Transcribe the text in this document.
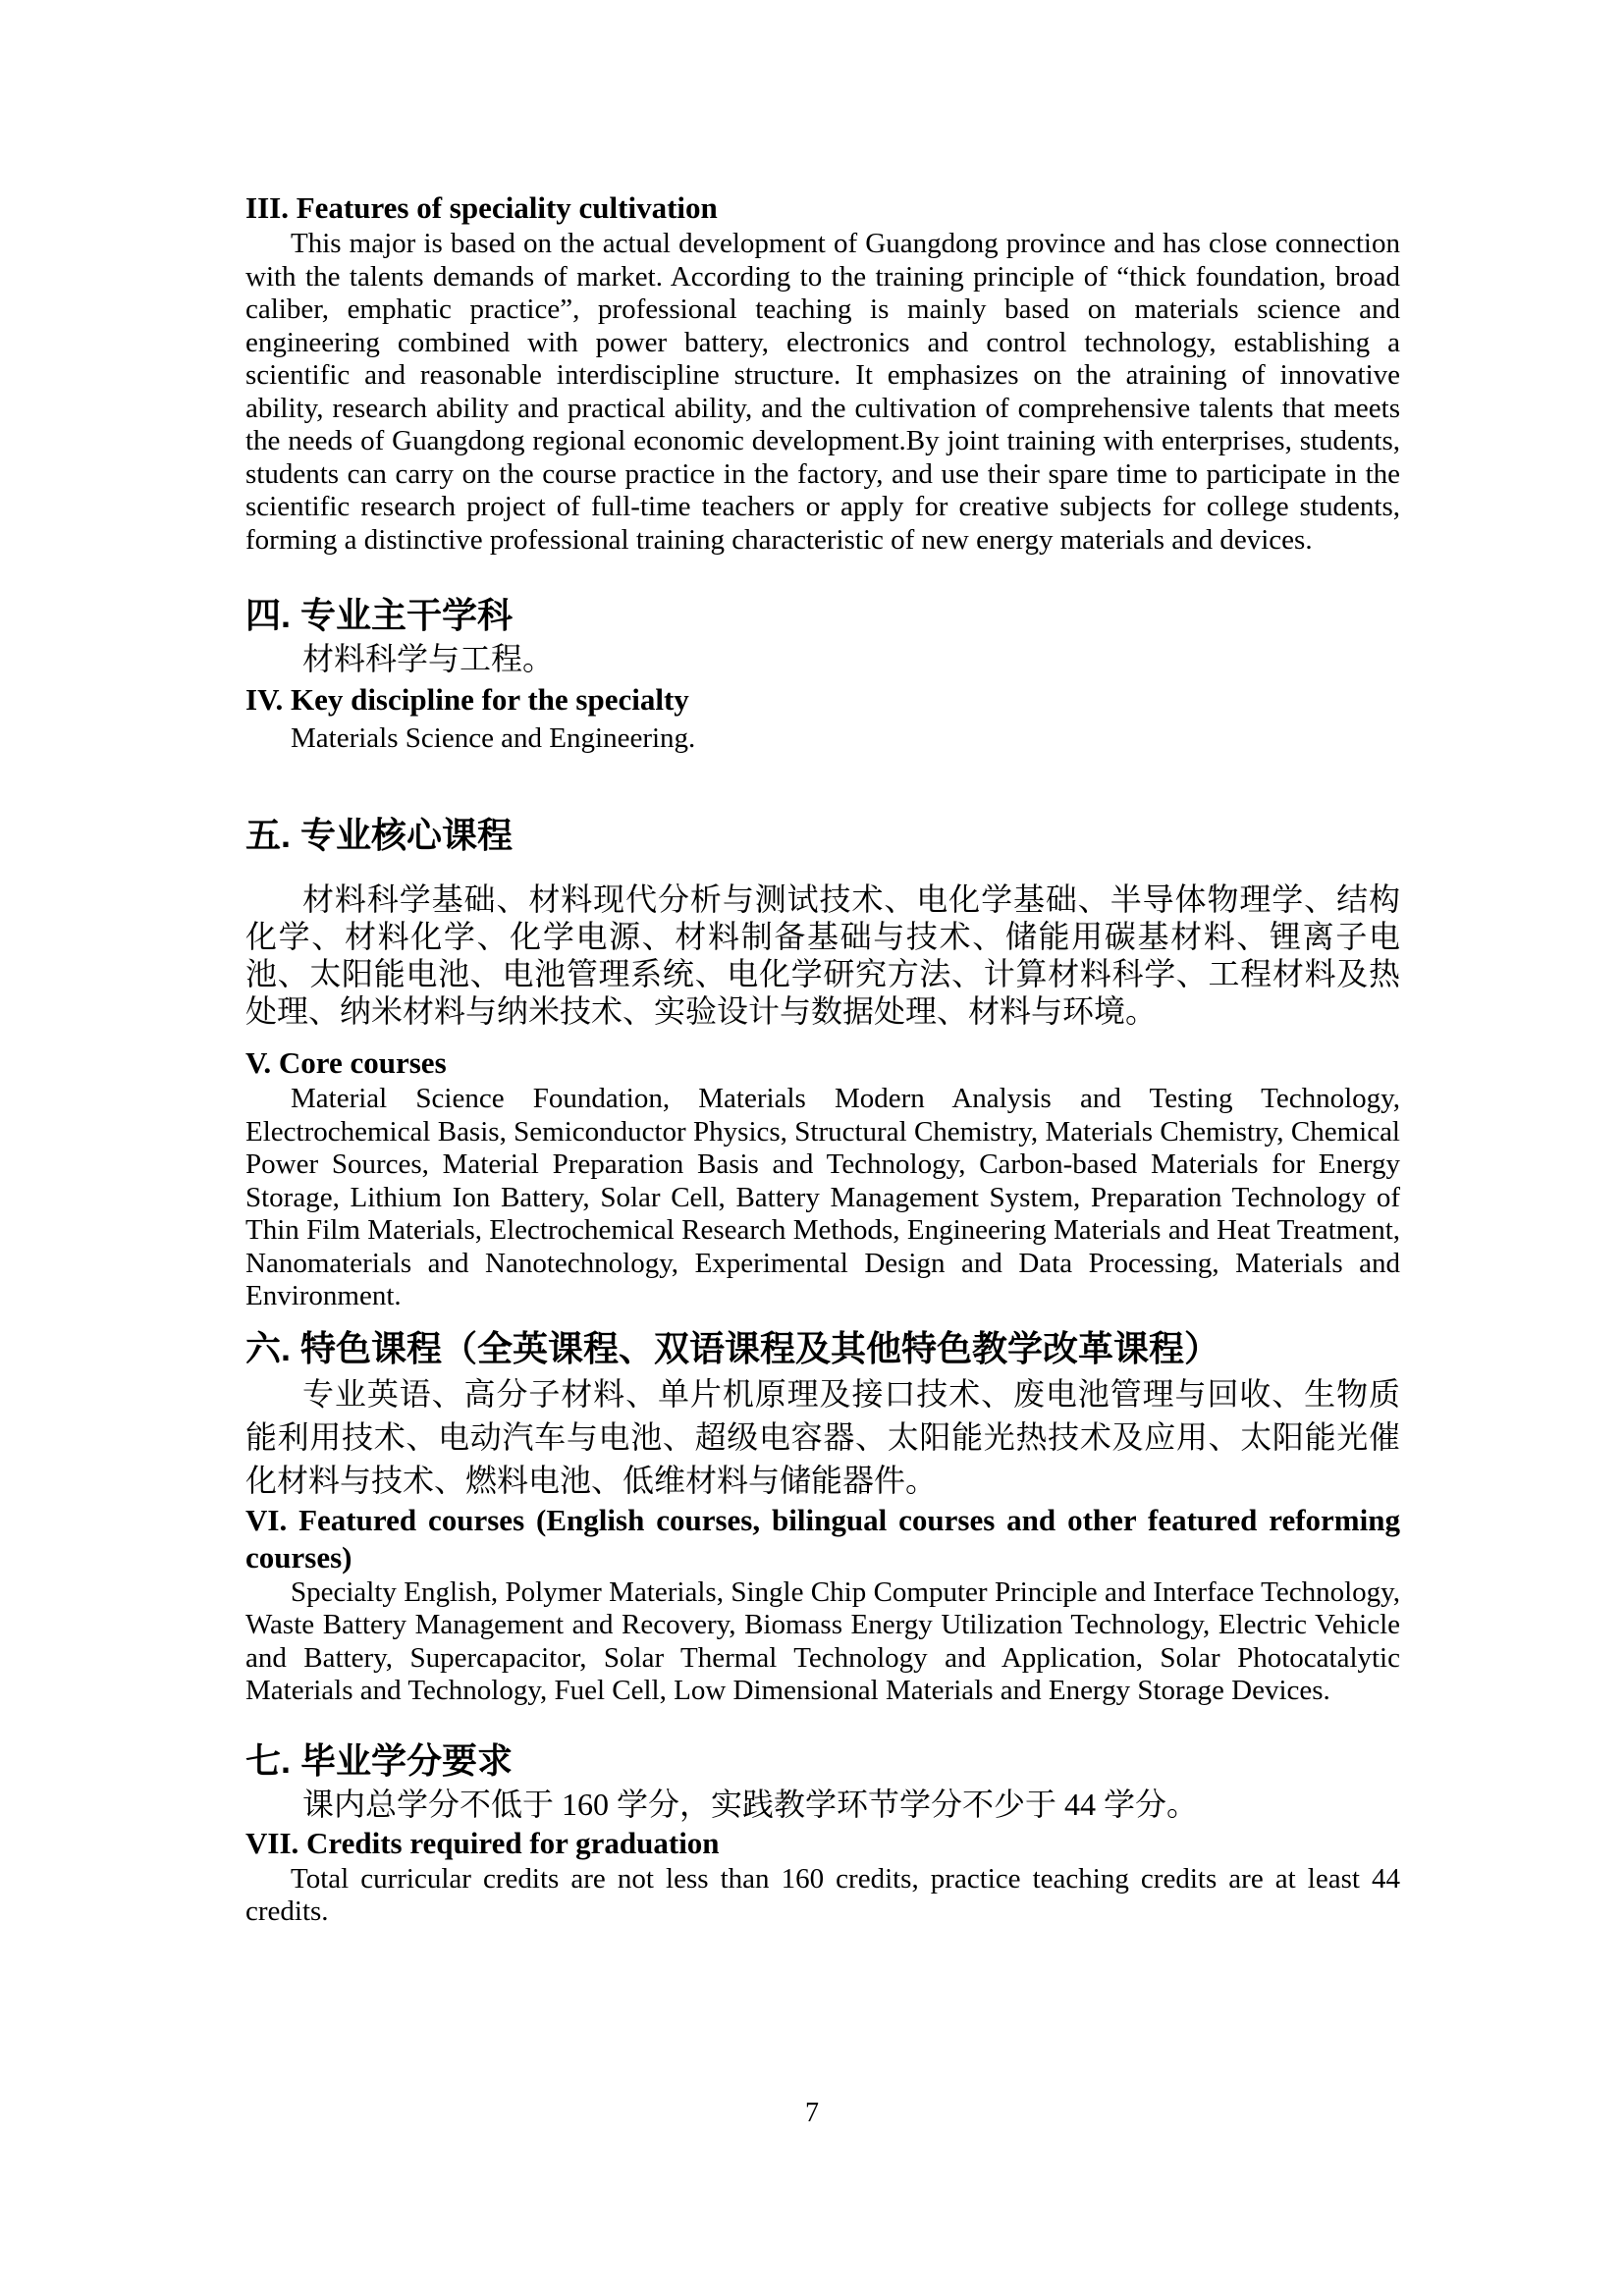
III. Features of speciality cultivation

This major is based on the actual development of Guangdong province and has close connection with the talents demands of market. According to the training principle of “thick foundation, broad caliber, emphatic practice”, professional teaching is mainly based on materials science and engineering combined with power battery, electronics and control technology, establishing a scientific and reasonable interdiscipline structure. It emphasizes on the atraining of innovative ability, research ability and practical ability, and the cultivation of comprehensive talents that meets the needs of Guangdong regional economic development.By joint training with enterprises, students, students can carry on the course practice in the factory, and use their spare time to participate in the scientific research project of full-time teachers or apply for creative subjects for college students, forming a distinctive professional training characteristic of new energy materials and devices.

四. 专业主干学科

材料科学与工程。

IV. Key discipline for the specialty

Materials Science and Engineering.

五. 专业核心课程

材料科学基础、材料现代分析与测试技术、电化学基础、半导体物理学、结构化学、材料化学、化学电源、材料制备基础与技术、储能用碳基材料、锂离子电池、太阳能电池、电池管理系统、电化学研究方法、计算材料科学、工程材料及热处理、纳米材料与纳米技术、实验设计与数据处理、材料与环境。

V. Core courses

Material Science Foundation, Materials Modern Analysis and Testing Technology, Electrochemical Basis, Semiconductor Physics, Structural Chemistry, Materials Chemistry, Chemical Power Sources, Material Preparation Basis and Technology, Carbon-based Materials for Energy Storage, Lithium Ion Battery, Solar Cell, Battery Management System, Preparation Technology of Thin Film Materials, Electrochemical Research Methods, Engineering Materials and Heat Treatment, Nanomaterials and Nanotechnology, Experimental Design and Data Processing, Materials and Environment.

六. 特色课程（全英课程、双语课程及其他特色教学改革课程）

专业英语、高分子材料、单片机原理及接口技术、废电池管理与回收、生物质能利用技术、电动汽车与电池、超级电容器、太阳能光热技术及应用、太阳能光催化材料与技术、燃料电池、低维材料与储能器件。

VI. Featured courses (English courses, bilingual courses and other featured reforming courses)

Specialty English, Polymer Materials, Single Chip Computer Principle and Interface Technology, Waste Battery Management and Recovery, Biomass Energy Utilization Technology, Electric Vehicle and Battery, Supercapacitor, Solar Thermal Technology and Application, Solar Photocatalytic Materials and Technology, Fuel Cell, Low Dimensional Materials and Energy Storage Devices.

七. 毕业学分要求

课内总学分不低于 160 学分，实践教学环节学分不少于 44 学分。

VII. Credits required for graduation

Total curricular credits are not less than 160 credits, practice teaching credits are at least 44 credits.

7
